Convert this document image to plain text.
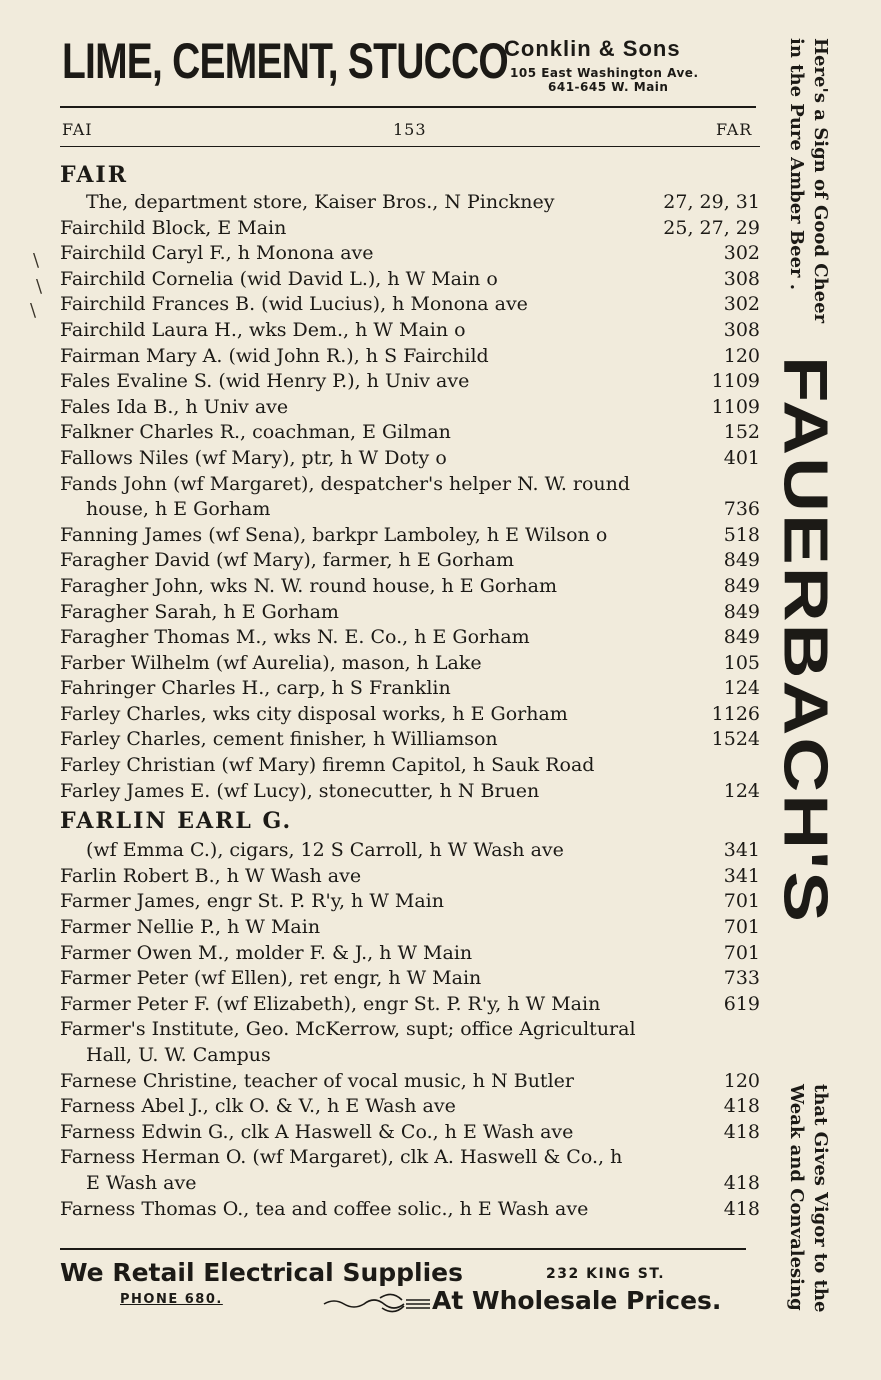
LIME, CEMENT, STUCCO
Conklin & Sons
105 East Washington Ave.
641-645 W. Main
FAI	153	FAR
\
\
\
FAIR
The, department store, Kaiser Bros., N Pinckney	27, 29, 31
Fairchild Block, E Main	25, 27, 29
Fairchild Caryl F., h Monona ave	302
Fairchild Cornelia (wid David L.), h W Main o	308
Fairchild Frances B. (wid Lucius), h Monona ave	302
Fairchild Laura H., wks Dem., h W Main o	308
Fairman Mary A. (wid John R.), h S Fairchild	120
Fales Evaline S. (wid Henry P.), h Univ ave	1109
Fales Ida B., h Univ ave	1109
Falkner Charles R., coachman, E Gilman	152
Fallows Niles (wf Mary), ptr, h W Doty o	401
Fands John (wf Margaret), despatcher's helper N. W. round
house, h E Gorham	736
Fanning James (wf Sena), barkpr Lamboley, h E Wilson o	518
Faragher David (wf Mary), farmer, h E Gorham	849
Faragher John, wks N. W. round house, h E Gorham	849
Faragher Sarah, h E Gorham	849
Faragher Thomas M., wks N. E. Co., h E Gorham	849
Farber Wilhelm (wf Aurelia), mason, h Lake	105
Fahringer Charles H., carp, h S Franklin	124
Farley Charles, wks city disposal works, h E Gorham	1126
Farley Charles, cement finisher, h Williamson	1524
Farley Christian (wf Mary) firemn Capitol, h Sauk Road
Farley James E. (wf Lucy), stonecutter, h N Bruen	124
FARLIN EARL G.
(wf Emma C.), cigars, 12 S Carroll, h W Wash ave	341
Farlin Robert B., h W Wash ave	341
Farmer James, engr St. P. R'y, h W Main	701
Farmer Nellie P., h W Main	701
Farmer Owen M., molder F. & J., h W Main	701
Farmer Peter (wf Ellen), ret engr, h W Main	733
Farmer Peter F. (wf Elizabeth), engr St. P. R'y, h W Main	619
Farmer's Institute, Geo. McKerrow, supt; office Agricultural
Hall, U. W. Campus
Farnese Christine, teacher of vocal music, h N Butler	120
Farness Abel J., clk O. & V., h E Wash ave	418
Farness Edwin G., clk A Haswell & Co., h E Wash ave	418
Farness Herman O. (wf Margaret), clk A. Haswell & Co., h
E Wash ave	418
Farness Thomas O., tea and coffee solic., h E Wash ave	418
We Retail Electrical Supplies	232 KING ST.
PHONE 680.	At Wholesale Prices.
Here's a Sign of Good Cheer
in the Pure Amber Beer .
FAUERBACH'S
that Gives Vigor to the
Weak and Convalesing
